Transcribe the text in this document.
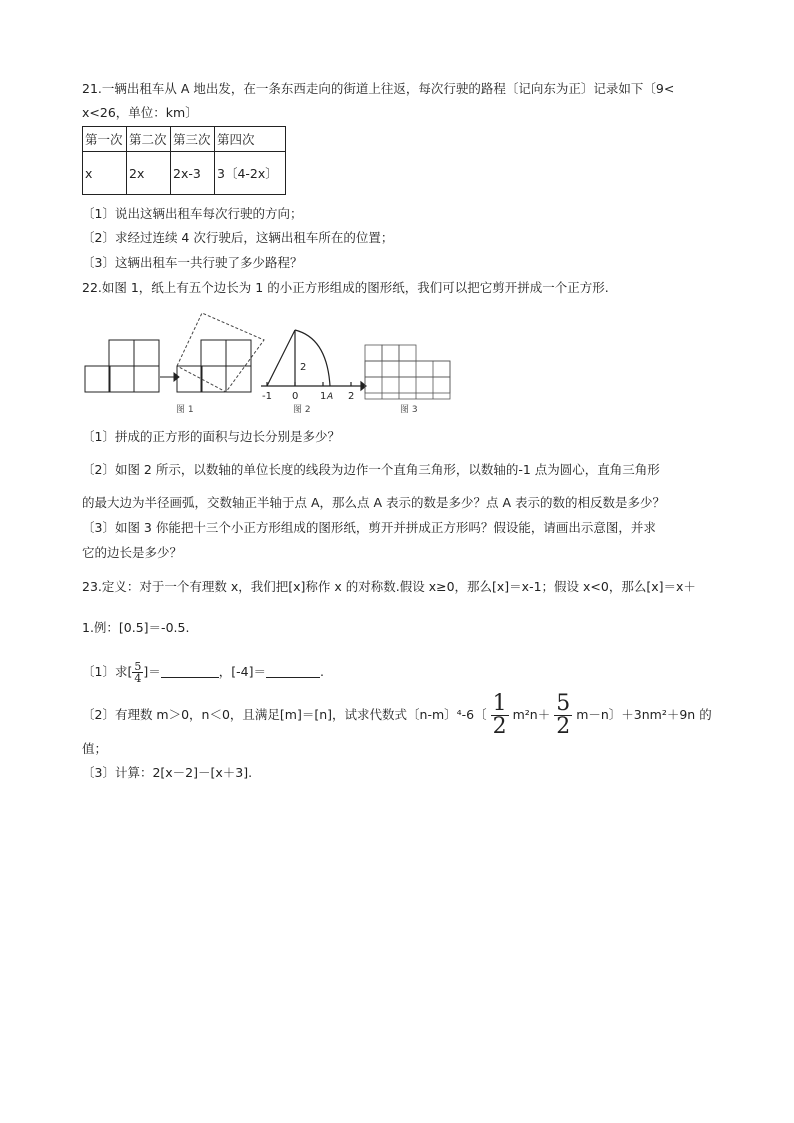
21.一辆出租车从 A 地出发，在一条东西走向的街道上往返，每次行驶的路程〔记向东为正〕记录如下〔9<
x<26，单位：km〕
第一次	第二次	第三次	第四次
x	2x	2x-3	3〔4-2x〕
〔1〕说出这辆出租车每次行驶的方向；
〔2〕求经过连续 4 次行驶后，这辆出租车所在的位置；
〔3〕这辆出租车一共行驶了多少路程？
22.如图 1，纸上有五个边长为 1 的小正方形组成的图形纸，我们可以把它剪开拼成一个正方形.
图 1
2
-1 0 1 A 2
图 2	图 3
〔1〕拼成的正方形的面积与边长分别是多少？
〔2〕如图 2 所示，以数轴的单位长度的线段为边作一个直角三角形，以数轴的-1 点为圆心，直角三角形
的最大边为半径画弧，交数轴正半轴于点 A，那么点 A 表示的数是多少？点 A 表示的数的相反数是多少？
〔3〕如图 3 你能把十三个小正方形组成的图形纸，剪开并拼成正方形吗？假设能，请画出示意图，并求
它的边长是多少？
23.定义：对于一个有理数 x，我们把[x]称作 x 的对称数.假设 x≥0，那么[x]＝x-1；假设 x<0，那么[x]＝x＋
1.例：[0.5]＝-0.5.
〔1〕求[ $\frac{5}{4}$ ]＝	，[-4]＝	.
〔2〕有理数 m＞0，n＜0，且满足[m]＝[n]，试求代数式〔n-m〕⁴-6〔 $\frac{1}{2} m^2n+ \frac{5}{2} m-n$〕＋3nm²＋9n 的
值；
〔3〕计算：2[x－2]－[x＋3].
